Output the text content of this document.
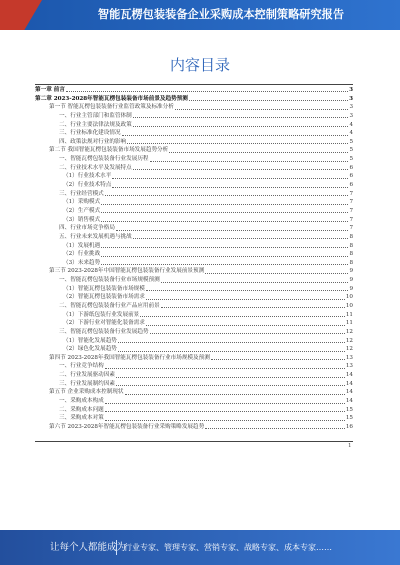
智能瓦楞包装装备企业采购成本控制策略研究报告
内容目录
第一章 前言	3
第二章 2023-2028年智能瓦楞包装装备市场前景及趋势预测	3
第一节 智能瓦楞包装装备行业监管政策及标准分析	3
一、行业主管部门和监管体制	3
二、行业主要法律法规及政策	4
三、行业标准化建设情况	4
四、政策法规对行业的影响	5
第二节 我国智能瓦楞包装装备市场发展趋势分析	5
一、智能瓦楞包装装备行业发展历程	5
二、行业技术水平及发展特点	6
（1）行业技术水平	6
（2）行业技术特点	6
三、行业经营模式	7
（1）采购模式	7
（2）生产模式	7
（3）销售模式	7
四、行业市场竞争格局	7
五、行业未来发展机遇与挑战	8
（1）发展机遇	8
（2）行业挑战	8
（3）未来趋势	8
第三节 2023-2028年中国智能瓦楞包装装备行业发展前景预测	9
一、智能瓦楞包装装备行业市场规模预测	9
（1）智能瓦楞包装装备市场规模	9
（2）智能瓦楞包装装备市场需求	10
二、智能瓦楞包装装备行业产品应用前景	10
（1）下游纸包装行业发展前景	11
（2）下游行业对智能化装备需求	11
三、智能瓦楞包装装备行业发展趋势	12
（1）智能化发展趋势	12
（2）绿色化发展趋势	12
第四节 2023-2028年我国智能瓦楞包装装备行业市场规模及预测	13
一、行业竞争结构	13
二、行业发展驱动因素	14
三、行业发展制约因素	14
第五节 企业采购成本控制现状	14
一、采购成本构成	14
二、采购成本问题	15
三、采购成本对策	15
第六节 2023-2028年智能瓦楞包装装备行业采购策略发展趋势	16
1
让每个人都能成为
行业专家、管理专家、营销专家、战略专家、成本专家……
